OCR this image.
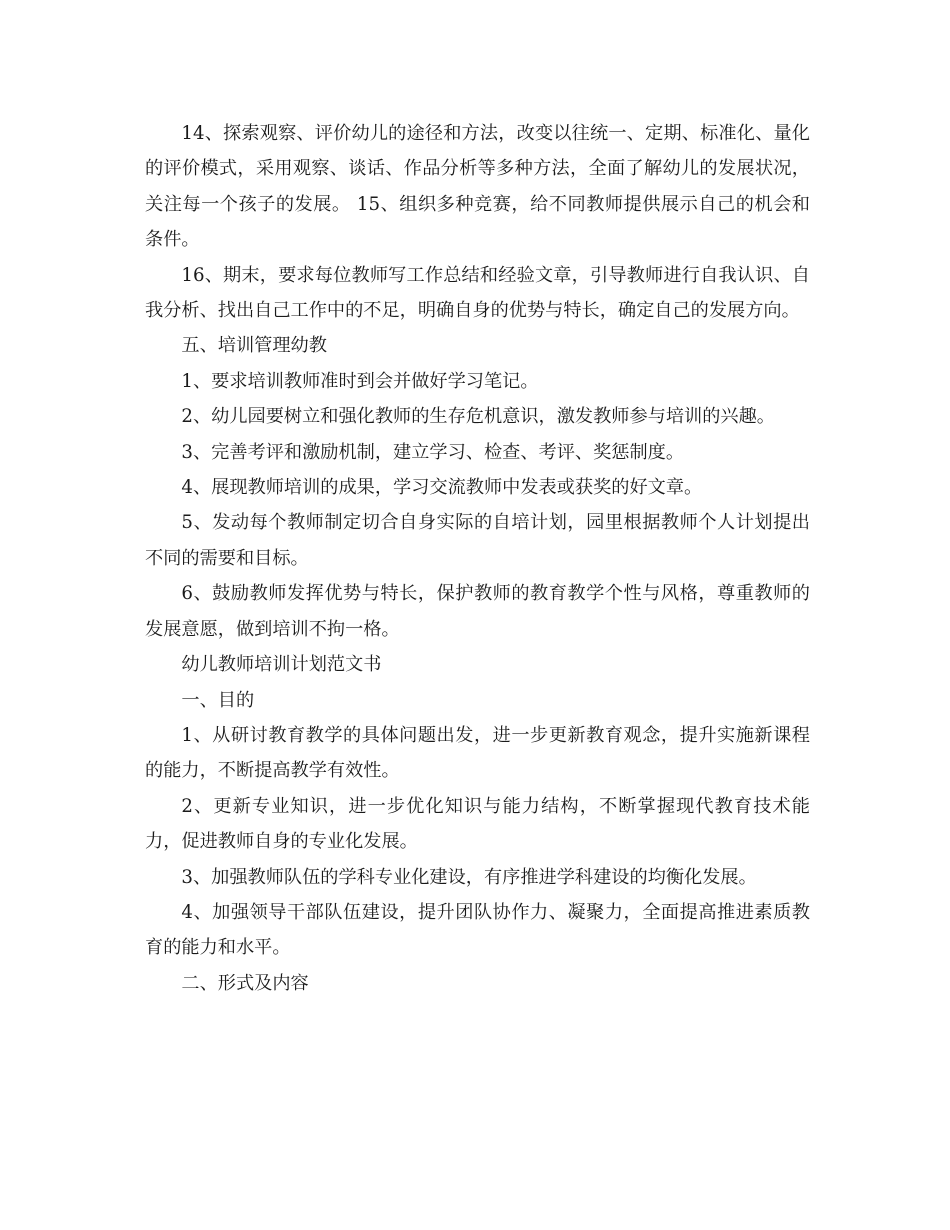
14、探索观察、评价幼儿的途径和方法，改变以往统一、定期、标准化、量化的评价模式，采用观察、谈话、作品分析等多种方法，全面了解幼儿的发展状况，关注每一个孩子的发展。 15、组织多种竞赛，给不同教师提供展示自己的机会和条件。

16、期末，要求每位教师写工作总结和经验文章，引导教师进行自我认识、自我分析、找出自己工作中的不足，明确自身的优势与特长，确定自己的发展方向。

五、培训管理幼教

1、要求培训教师准时到会并做好学习笔记。

2、幼儿园要树立和强化教师的生存危机意识，激发教师参与培训的兴趣。

3、完善考评和激励机制，建立学习、检查、考评、奖惩制度。

4、展现教师培训的成果，学习交流教师中发表或获奖的好文章。

5、发动每个教师制定切合自身实际的自培计划，园里根据教师个人计划提出不同的需要和目标。

6、鼓励教师发挥优势与特长，保护教师的教育教学个性与风格，尊重教师的发展意愿，做到培训不拘一格。

幼儿教师培训计划范文书

一、目的

1、从研讨教育教学的具体问题出发，进一步更新教育观念，提升实施新课程的能力，不断提高教学有效性。

2、更新专业知识，进一步优化知识与能力结构，不断掌握现代教育技术能力，促进教师自身的专业化发展。

3、加强教师队伍的学科专业化建设，有序推进学科建设的均衡化发展。

4、加强领导干部队伍建设，提升团队协作力、凝聚力，全面提高推进素质教育的能力和水平。

二、形式及内容
